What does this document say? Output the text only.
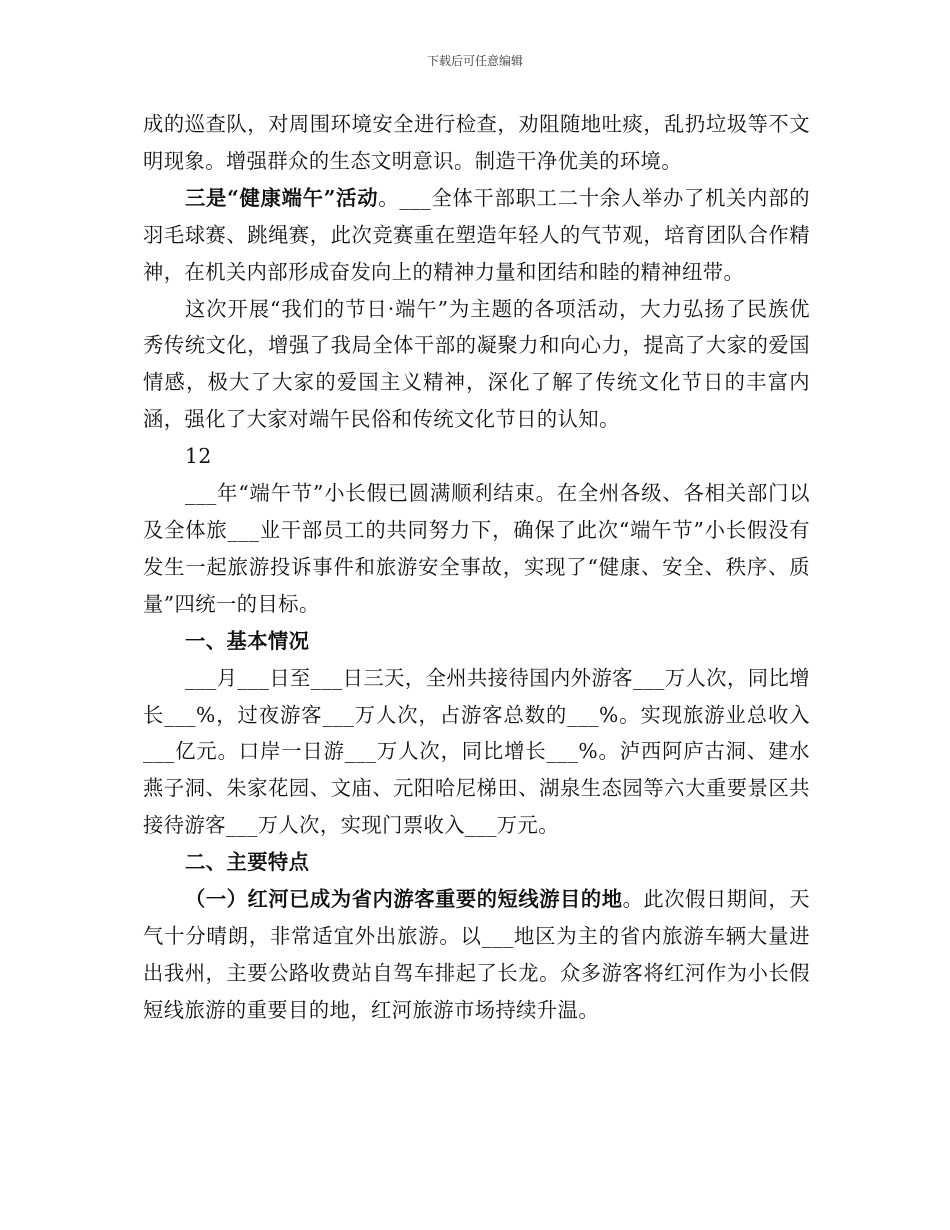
下载后可任意编辑

成的巡查队，对周围环境安全进行检查，劝阻随地吐痰，乱扔垃圾等不文明现象。增强群众的生态文明意识。制造干净优美的环境。

三是“健康端午”活动。___全体干部职工二十余人举办了机关内部的羽毛球赛、跳绳赛，此次竞赛重在塑造年轻人的气节观，培育团队合作精神，在机关内部形成奋发向上的精神力量和团结和睦的精神纽带。

这次开展“我们的节日·端午”为主题的各项活动，大力弘扬了民族优秀传统文化，增强了我局全体干部的凝聚力和向心力，提高了大家的爱国情感，极大了大家的爱国主义精神，深化了解了传统文化节日的丰富内涵，强化了大家对端午民俗和传统文化节日的认知。

12

___年“端午节”小长假已圆满顺利结束。在全州各级、各相关部门以及全体旅___业干部员工的共同努力下，确保了此次“端午节”小长假没有发生一起旅游投诉事件和旅游安全事故，实现了“健康、安全、秩序、质量”四统一的目标。

一、基本情况

___月___日至___日三天，全州共接待国内外游客___万人次，同比增长___%，过夜游客___万人次，占游客总数的___%。实现旅游业总收入___亿元。口岸一日游___万人次，同比增长___%。泸西阿庐古洞、建水燕子洞、朱家花园、文庙、元阳哈尼梯田、湖泉生态园等六大重要景区共接待游客___万人次，实现门票收入___万元。

二、主要特点

（一）红河已成为省内游客重要的短线游目的地。此次假日期间，天气十分晴朗，非常适宜外出旅游。以___地区为主的省内旅游车辆大量进出我州，主要公路收费站自驾车排起了长龙。众多游客将红河作为小长假短线旅游的重要目的地，红河旅游市场持续升温。
